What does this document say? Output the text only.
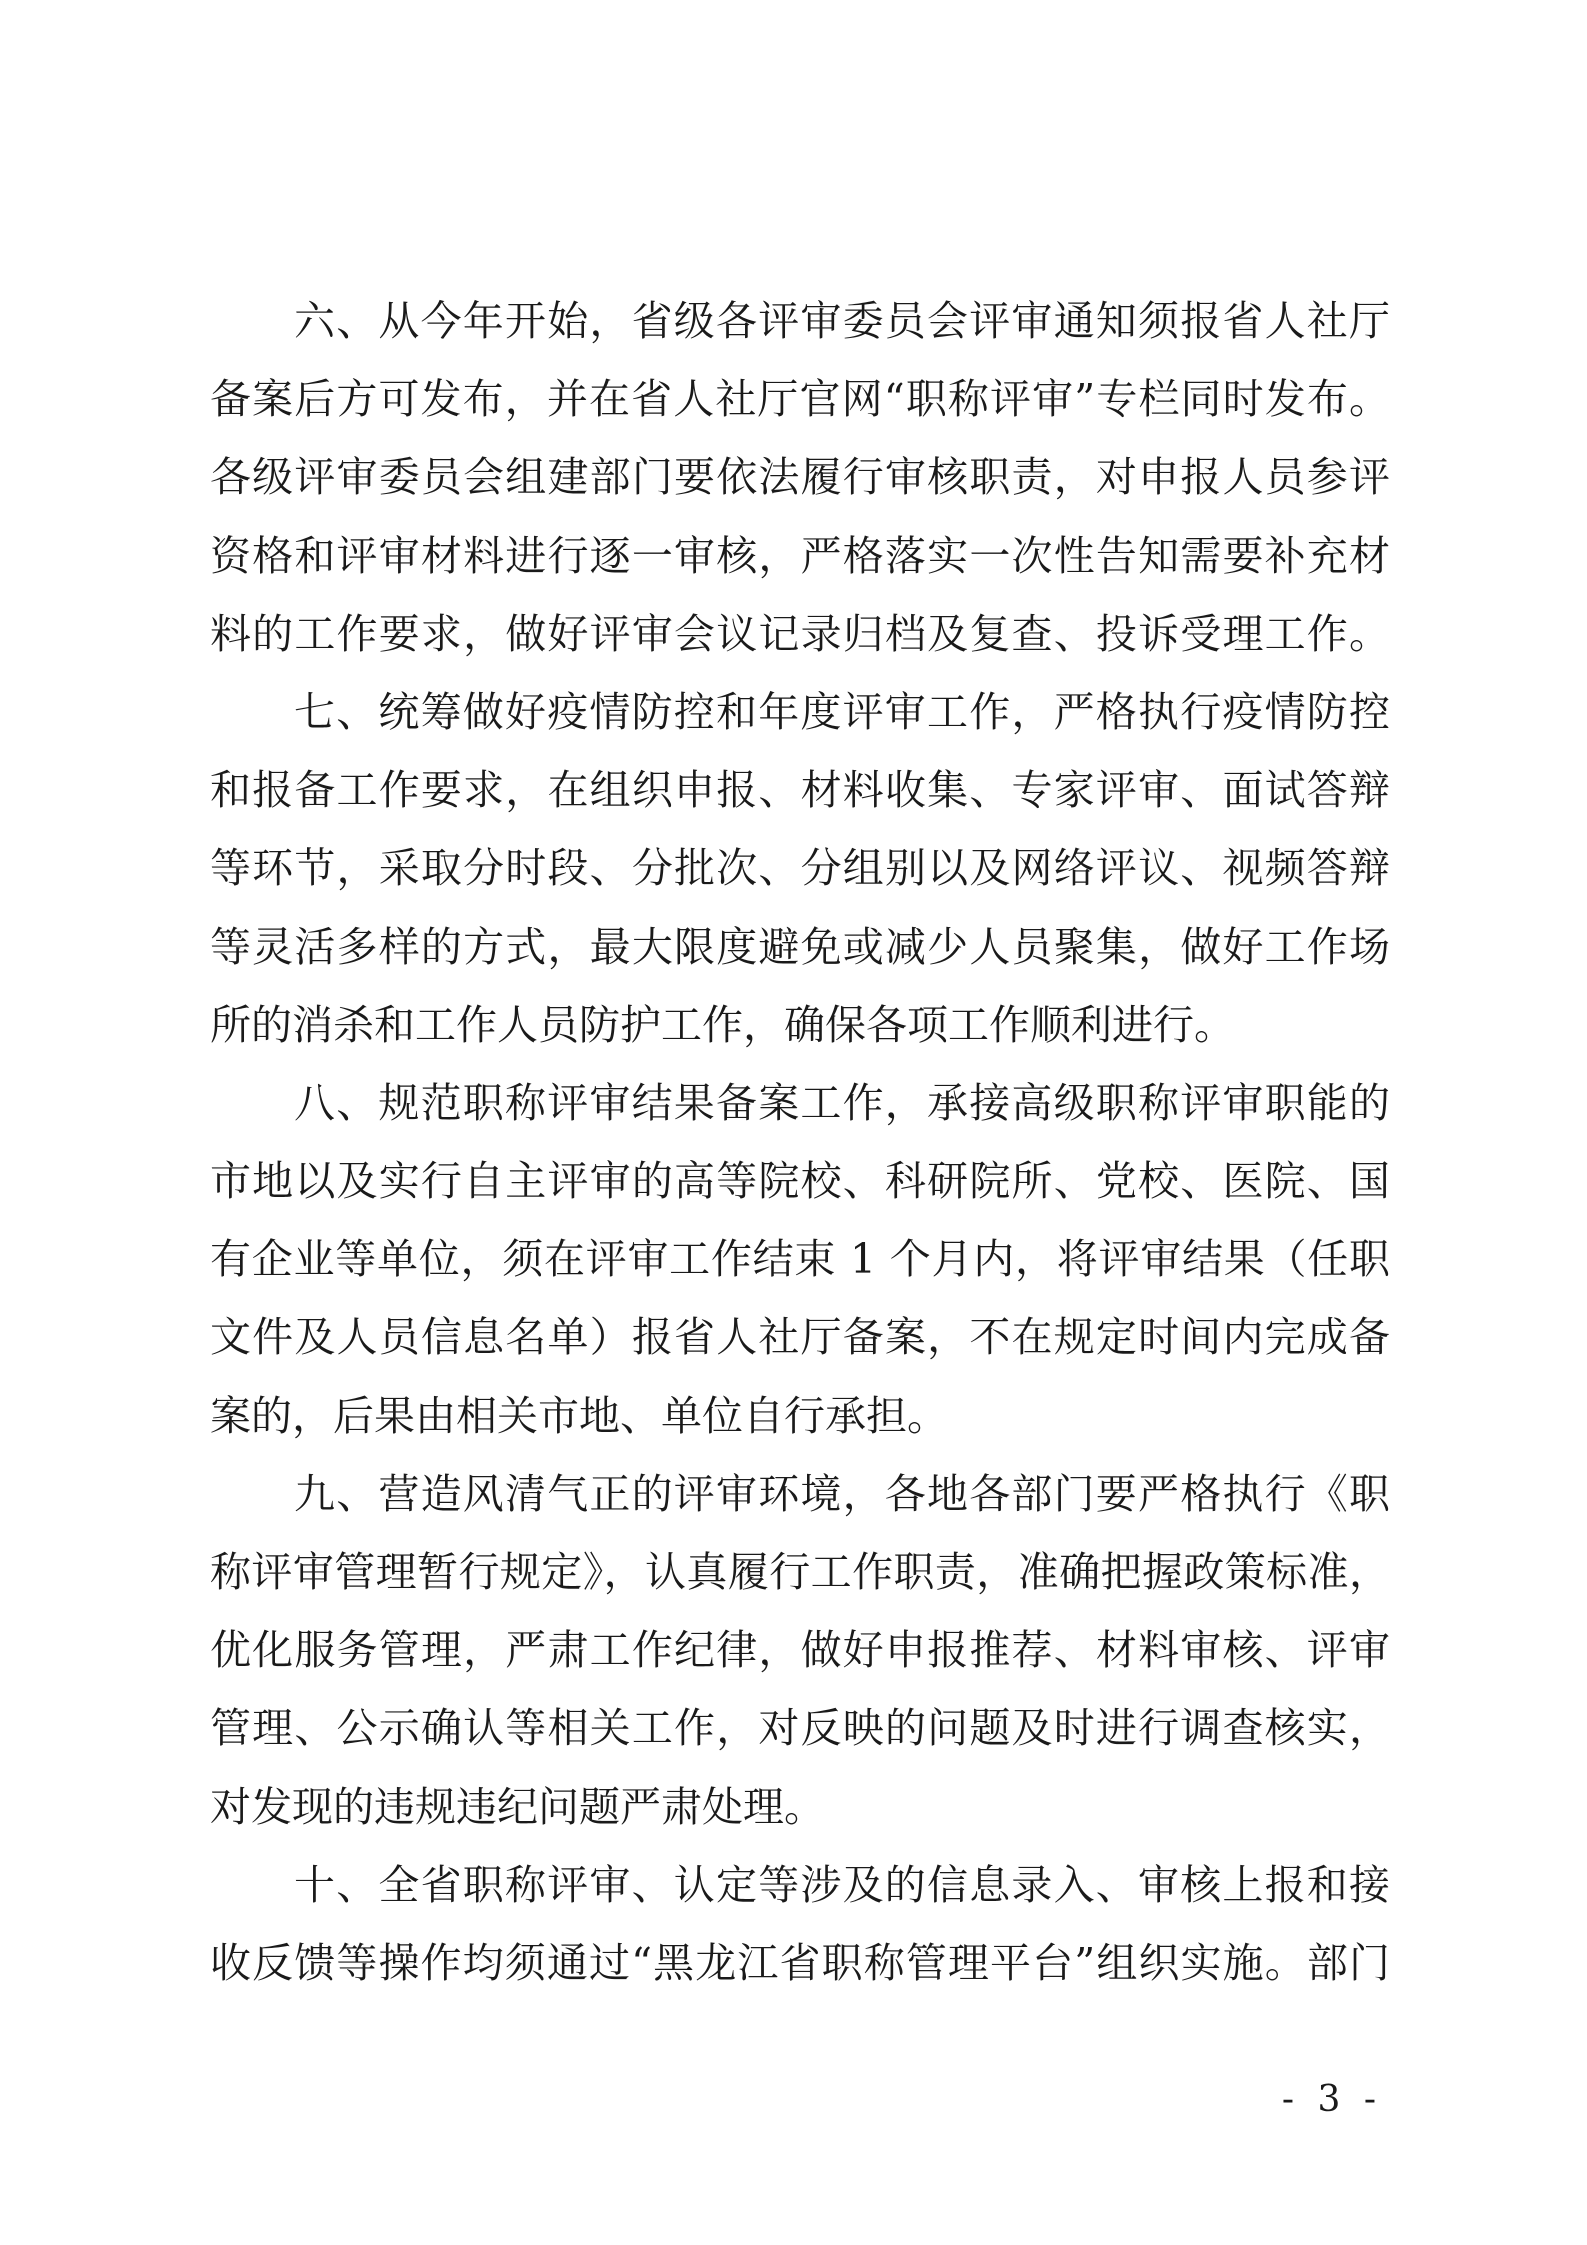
六、从今年开始，省级各评审委员会评审通知须报省人社厅
备案后方可发布，并在省人社厅官网“职称评审”专栏同时发布。
各级评审委员会组建部门要依法履行审核职责，对申报人员参评
资格和评审材料进行逐一审核，严格落实一次性告知需要补充材
料的工作要求，做好评审会议记录归档及复查、投诉受理工作。
七、统筹做好疫情防控和年度评审工作，严格执行疫情防控
和报备工作要求，在组织申报、材料收集、专家评审、面试答辩
等环节，采取分时段、分批次、分组别以及网络评议、视频答辩
等灵活多样的方式，最大限度避免或减少人员聚集，做好工作场
所的消杀和工作人员防护工作，确保各项工作顺利进行。
八、规范职称评审结果备案工作，承接高级职称评审职能的
市地以及实行自主评审的高等院校、科研院所、党校、医院、国
有企业等单位，须在评审工作结束 1 个月内，将评审结果（任职
文件及人员信息名单）报省人社厅备案，不在规定时间内完成备
案的，后果由相关市地、单位自行承担。
九、营造风清气正的评审环境，各地各部门要严格执行《职
称评审管理暂行规定》，认真履行工作职责，准确把握政策标准，
优化服务管理，严肃工作纪律，做好申报推荐、材料审核、评审
管理、公示确认等相关工作，对反映的问题及时进行调查核实，
对发现的违规违纪问题严肃处理。
十、全省职称评审、认定等涉及的信息录入、审核上报和接
收反馈等操作均须通过“黑龙江省职称管理平台”组织实施。部门
- 3 -
